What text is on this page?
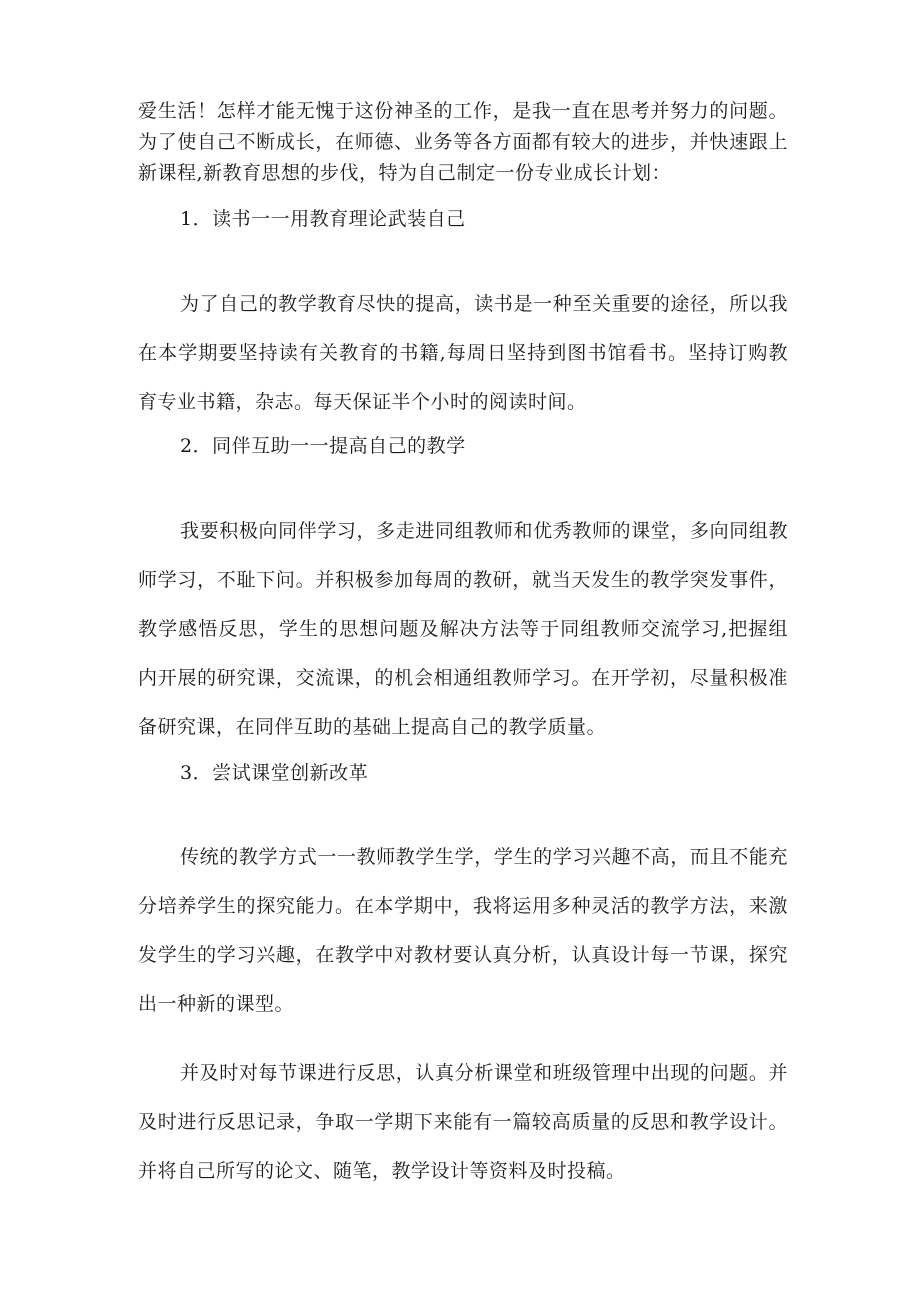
爱生活！怎样才能无愧于这份神圣的工作，是我一直在思考并努力的问题。为了使自己不断成长，在师德、业务等各方面都有较大的进步，并快速跟上新课程,新教育思想的步伐，特为自己制定一份专业成长计划：

1．读书一一用教育理论武装自己

为了自己的教学教育尽快的提高，读书是一种至关重要的途径，所以我在本学期要坚持读有关教育的书籍,每周日坚持到图书馆看书。坚持订购教育专业书籍，杂志。每天保证半个小时的阅读时间。

2．同伴互助一一提高自己的教学

我要积极向同伴学习，多走进同组教师和优秀教师的课堂，多向同组教师学习，不耻下问。并积极参加每周的教研，就当天发生的教学突发事件，教学感悟反思，学生的思想问题及解决方法等于同组教师交流学习,把握组内开展的研究课，交流课，的机会相通组教师学习。在开学初，尽量积极准备研究课，在同伴互助的基础上提高自己的教学质量。

3．尝试课堂创新改革

传统的教学方式一一教师教学生学，学生的学习兴趣不高，而且不能充分培养学生的探究能力。在本学期中，我将运用多种灵活的教学方法，来激发学生的学习兴趣，在教学中对教材要认真分析，认真设计每一节课，探究出一种新的课型。

并及时对每节课进行反思，认真分析课堂和班级管理中出现的问题。并及时进行反思记录，争取一学期下来能有一篇较高质量的反思和教学设计。并将自己所写的论文、随笔，教学设计等资料及时投稿。
